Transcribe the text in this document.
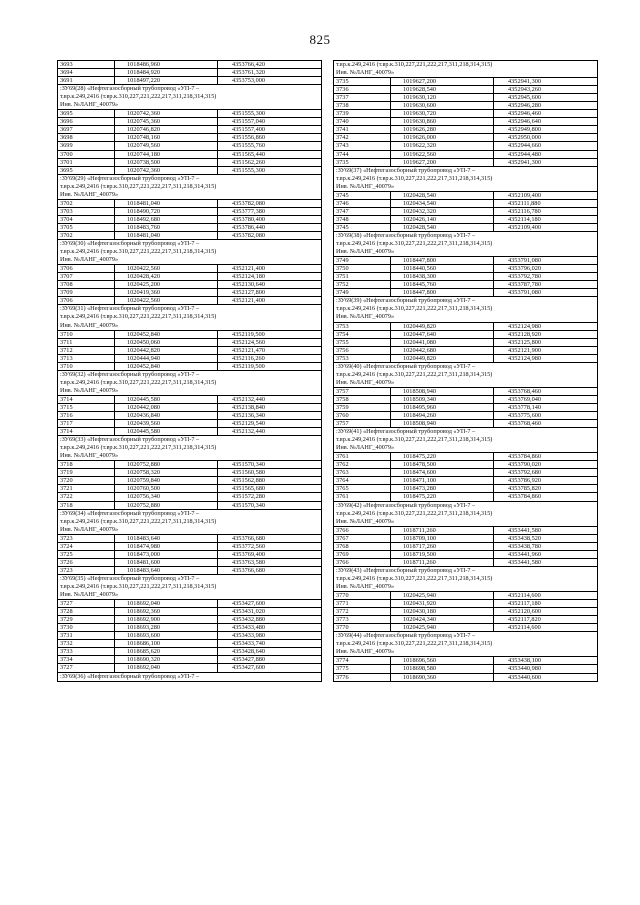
825
3693	1018486,960	4353766,420
3694	1018484,920	4353761,320
3691	1018497,220	4353753,000
:ЗУ69(28) «Нефтегазосборный трубопровод «УП-7 –
т.вр.к.249,2416 (т.вр.к.310,227,221,222,217,311,218,314,315)
Инв. №ЛАНГ_40079»
3695	1020742,360	4351555,300
3696	1020745,360	4351557,040
3697	1020746,820	4351557,400
3698	1020748,160	4351556,860
3699	1020749,560	4351555,760
3700	1020744,180	4351565,440
3701	1020738,500	4351562,260
3695	1020742,360	4351555,300
:ЗУ69(29) «Нефтегазосборный трубопровод «УП-7 –
т.вр.к.249,2416 (т.вр.к.310,227,221,222,217,311,218,314,315)
Инв. №ЛАНГ_40079»
3702	1018481,040	4353782,080
3703	1018490,720	4353777,380
3704	1018492,680	4353780,400
3705	1018483,760	4353786,440
3702	1018481,040	4353782,080
:ЗУ69(30) «Нефтегазосборный трубопровод «УП-7 –
т.вр.к.249,2416 (т.вр.к.310,227,221,222,217,311,218,314,315)
Инв. №ЛАНГ_40079»
3706	1020422,560	4352121,400
3707	1020428,420	4352124,180
3708	1020425,200	4352130,640
3709	1020419,360	4352127,800
3706	1020422,560	4352121,400
:ЗУ69(31) «Нефтегазосборный трубопровод «УП-7 –
т.вр.к.249,2416 (т.вр.к.310,227,221,222,217,311,218,314,315)
Инв. №ЛАНГ_40079»
3710	1020452,840	4352119,500
3711	1020450,060	4352124,560
3712	1020442,820	4352121,470
3713	1020444,940	4352116,260
3710	1020452,840	4352119,500
:ЗУ69(32) «Нефтегазосборный трубопровод «УП-7 –
т.вр.к.249,2416 (т.вр.к.310,227,221,222,217,311,218,314,315)
Инв. №ЛАНГ_40079»
3714	1020445,580	4352132,440
3715	1020442,080	4352138,840
3716	1020436,840	4352136,340
3717	1020439,560	4352129,540
3714	1020445,580	4352132,440
:ЗУ69(33) «Нефтегазосборный трубопровод «УП-7 –
т.вр.к.249,2416 (т.вр.к.310,227,221,222,217,311,218,314,315)
Инв. №ЛАНГ_40079»
3718	1020752,880	4351570,340
3719	1020758,320	4351560,580
3720	1020759,840	4351562,880
3721	1020760,500	4351565,680
3722	1020756,340	4351572,280
3718	1020752,880	4351570,340
:ЗУ69(34) «Нефтегазосборный трубопровод «УП-7 –
т.вр.к.249,2416 (т.вр.к.310,227,221,222,217,311,218,314,315)
Инв. №ЛАНГ_40079»
3723	1018483,640	4353766,680
3724	1018474,980	4353772,560
3725	1018473,000	4353769,400
3726	1018481,600	4353763,580
3723	1018483,640	4353766,680
:ЗУ69(35) «Нефтегазосборный трубопровод «УП-7 –
т.вр.к.249,2416 (т.вр.к.310,227,221,222,217,311,218,314,315)
Инв. №ЛАНГ_40079»
3727	1018692,040	4353427,600
3728	1018692,360	4353431,020
3729	1018692,900	4353432,880
3730	1018693,280	4353433,480
3731	1018693,600	4353433,980
3732	1018686,100	4353433,740
3733	1018685,620	4353428,640
3734	1018690,320	4353427,880
3727	1018692,040	4353427,600
:ЗУ69(36) «Нефтегазосборный трубопровод «УП-7 –
т.вр.к.249,2416 (т.вр.к.310,227,221,222,217,311,218,314,315)
Инв. №ЛАНГ_40079»
3735	1019627,200	4352941,300
3736	1019628,540	4352943,260
3737	1019630,120	4352945,600
3738	1019630,600	4352946,280
3739	1019630,720	4352946,460
3740	1019630,860	4352946,640
3741	1019626,280	4352949,800
3742	1019626,000	4352950,000
3743	1019622,320	4352944,660
3744	1019622,560	4352944,480
3735	1019627,200	4352941,300
:ЗУ69(37) «Нефтегазосборный трубопровод «УП-7 –
т.вр.к.249,2416 (т.вр.к.310,227,221,222,217,311,218,314,315)
Инв. №ЛАНГ_40079»
3745	1020428,540	4352109,400
3746	1020434,540	4352111,880
3747	1020432,320	4352116,780
3748	1020426,140	4352114,180
3745	1020428,540	4352109,400
:ЗУ69(38) «Нефтегазосборный трубопровод «УП-7 –
т.вр.к.249,2416 (т.вр.к.310,227,221,222,217,311,218,314,315)
Инв. №ЛАНГ_40079»
3749	1018447,800	4353791,080
3750	1018440,560	4353796,020
3751	1018438,300	4353792,780
3752	1018445,760	4353787,780
3749	1018447,800	4353791,080
:ЗУ69(39) «Нефтегазосборный трубопровод «УП-7 –
т.вр.к.249,2416 (т.вр.к.310,227,221,222,217,311,218,314,315)
Инв. №ЛАНГ_40079»
3753	1020449,820	4352124,980
3754	1020447,640	4352128,920
3755	1020441,080	4352125,800
3756	1020442,680	4352121,900
3753	1020449,820	4352124,980
:ЗУ69(40) «Нефтегазосборный трубопровод «УП-7 –
т.вр.к.249,2416 (т.вр.к.310,227,221,222,217,311,218,314,315)
Инв. №ЛАНГ_40079»
3757	1018508,940	4353768,460
3758	1018509,340	4353769,040
3759	1018495,960	4353778,140
3760	1018494,260	4353775,600
3757	1018508,940	4353768,460
:ЗУ69(41) «Нефтегазосборный трубопровод «УП-7 –
т.вр.к.249,2416 (т.вр.к.310,227,221,222,217,311,218,314,315)
Инв. №ЛАНГ_40079»
3761	1018475,220	4353784,860
3762	1018478,500	4353790,020
3763	1018474,600	4353792,680
3764	1018471,100	4353786,920
3765	1018473,280	4353785,820
3761	1018475,220	4353784,860
:ЗУ69(42) «Нефтегазосборный трубопровод «УП-7 –
т.вр.к.249,2416 (т.вр.к.310,227,221,222,217,311,218,314,315)
Инв. №ЛАНГ_40079»
3766	1018711,260	4353441,580
3767	1018709,100	4353438,520
3768	1018717,260	4353438,780
3769	1018719,500	4353441,960
3766	1018711,260	4353441,580
:ЗУ69(43) «Нефтегазосборный трубопровод «УП-7 –
т.вр.к.249,2416 (т.вр.к.310,227,221,222,217,311,218,314,315)
Инв. №ЛАНГ_40079»
3770	1020425,940	4352114,600
3771	1020431,920	4352117,180
3772	1020430,180	4352120,600
3773	1020424,340	4352117,820
3770	1020425,940	4352114,600
:ЗУ69(44) «Нефтегазосборный трубопровод «УП-7 –
т.вр.к.249,2416 (т.вр.к.310,227,221,222,217,311,218,314,315)
Инв. №ЛАНГ_40079»
3774	1018696,560	4353438,100
3775	1018698,580	4353440,980
3776	1018690,360	4353440,600
